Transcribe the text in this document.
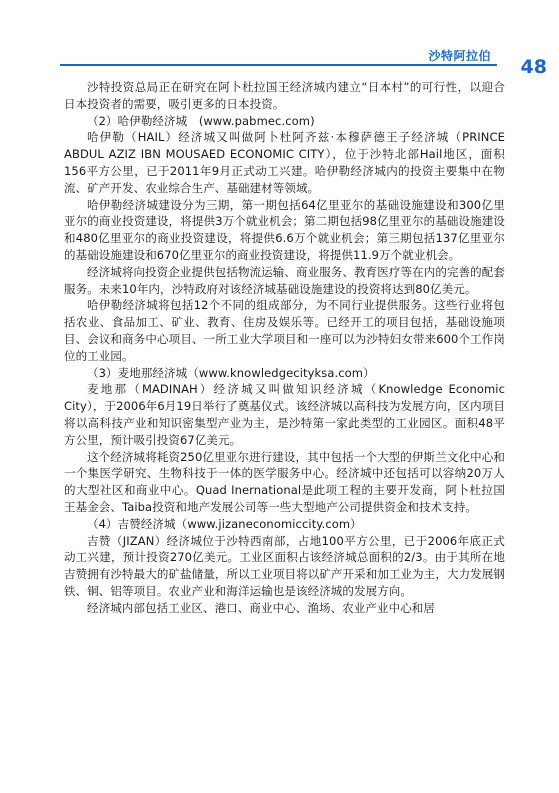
沙特阿拉伯 48

沙特投资总局正在研究在阿卜杜拉国王经济城内建立“日本村”的可行性，以迎合日本投资者的需要，吸引更多的日本投资。

（2）哈伊勒经济城　(www.pabmec.com)

哈伊勒（HAIL）经济城又叫做阿卜杜阿齐兹·本穆萨德王子经济城（PRINCE ABDUL AZIZ IBN MOUSAED ECONOMIC CITY），位于沙特北部Hail地区，面积156平方公里，已于2011年9月正式动工兴建。哈伊勒经济城内的投资主要集中在物流、矿产开发、农业综合生产、基础建材等领域。

哈伊勒经济城建设分为三期，第一期包括64亿里亚尔的基础设施建设和300亿里亚尔的商业投资建设，将提供3万个就业机会；第二期包括98亿里亚尔的基础设施建设和480亿里亚尔的商业投资建设，将提供6.6万个就业机会；第三期包括137亿里亚尔的基础设施建设和670亿里亚尔的商业投资建设，将提供11.9万个就业机会。

经济城将向投资企业提供包括物流运输、商业服务、教育医疗等在内的完善的配套服务。未来10年内，沙特政府对该经济城基础设施建设的投资将达到80亿美元。

哈伊勒经济城将包括12个不同的组成部分，为不同行业提供服务。这些行业将包括农业、食品加工、矿业、教育、住房及娱乐等。已经开工的项目包括，基础设施项目、会议和商务中心项目、一所工业大学项目和一座可以为沙特妇女带来600个工作岗位的工业园。

（3）麦地那经济城（www.knowledgecityksa.com）

麦地那（MADINAH）经济城又叫做知识经济城（Knowledge Economic City），于2006年6月19日举行了奠基仪式。该经济城以高科技为发展方向，区内项目将以高科技产业和知识密集型产业为主，是沙特第一家此类型的工业园区。面积48平方公里，预计吸引投资67亿美元。

这个经济城将耗资250亿里亚尔进行建设，其中包括一个大型的伊斯兰文化中心和一个集医学研究、生物科技于一体的医学服务中心。经济城中还包括可以容纳20万人的大型社区和商业中心。Quad Inernational是此项工程的主要开发商，阿卜杜拉国王基金会、Taiba投资和地产发展公司等一些大型地产公司提供资金和技术支持。

（4）吉赞经济城（www.jizaneconomiccity.com）

吉赞（JIZAN）经济城位于沙特西南部，占地100平方公里，已于2006年底正式动工兴建，预计投资270亿美元。工业区面积占该经济城总面积的2/3。由于其所在地吉赞拥有沙特最大的矿盐储量，所以工业项目将以矿产开采和加工业为主，大力发展钢铁、铜、铝等项目。农业产业和海洋运输也是该经济城的发展方向。

经济城内部包括工业区、港口、商业中心、渔场、农业产业中心和居
